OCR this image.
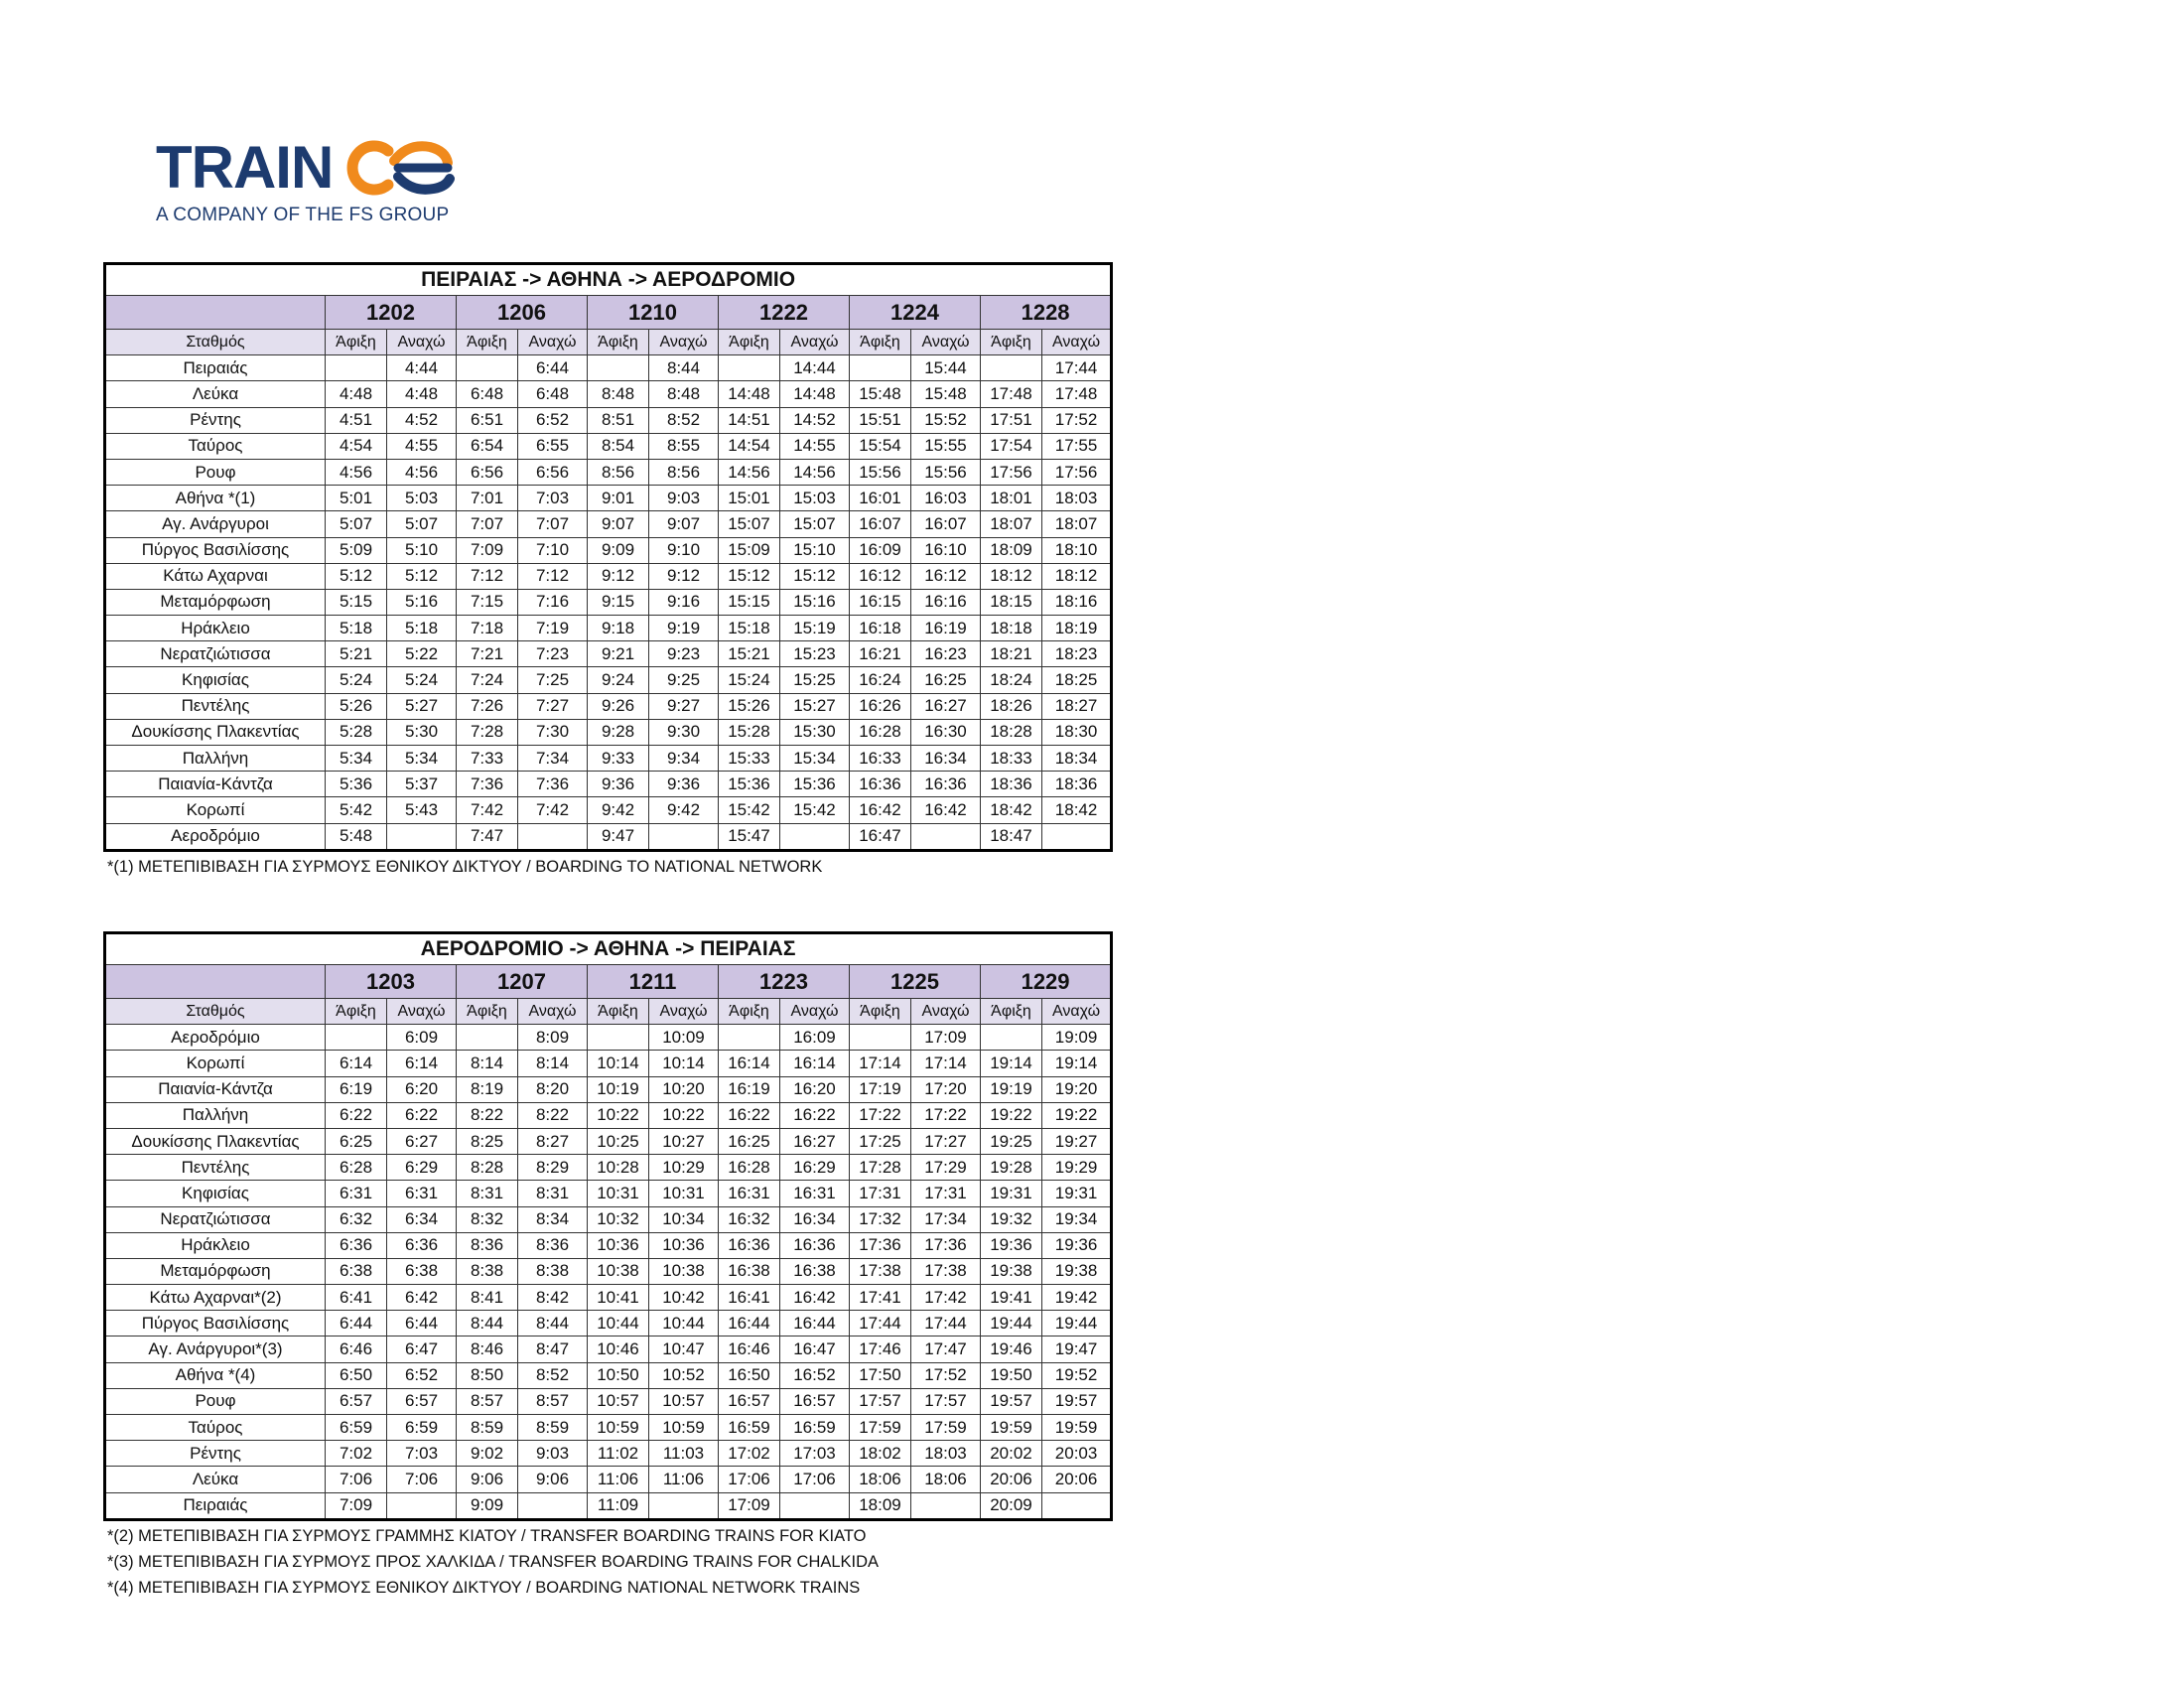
TRAIN
A COMPANY OF THE FS GROUP
ΠΕΙΡΑΙΑΣ -> ΑΘΗΝΑ -> ΑΕΡΟΔΡΟΜΙΟ												
	1202		1206		1210		1222		1224		1228	
Σταθμός	Άφιξη	Αναχώ	Άφιξη	Αναχώ	Άφιξη	Αναχώ	Άφιξη	Αναχώ	Άφιξη	Αναχώ	Άφιξη	Αναχώ
Πειραιάς		4:44		6:44		8:44		14:44		15:44		17:44
Λεύκα	4:48	4:48	6:48	6:48	8:48	8:48	14:48	14:48	15:48	15:48	17:48	17:48
Ρέντης	4:51	4:52	6:51	6:52	8:51	8:52	14:51	14:52	15:51	15:52	17:51	17:52
Ταύρος	4:54	4:55	6:54	6:55	8:54	8:55	14:54	14:55	15:54	15:55	17:54	17:55
Ρουφ	4:56	4:56	6:56	6:56	8:56	8:56	14:56	14:56	15:56	15:56	17:56	17:56
Αθήνα *(1)	5:01	5:03	7:01	7:03	9:01	9:03	15:01	15:03	16:01	16:03	18:01	18:03
Αγ. Ανάργυροι	5:07	5:07	7:07	7:07	9:07	9:07	15:07	15:07	16:07	16:07	18:07	18:07
Πύργος Βασιλίσσης	5:09	5:10	7:09	7:10	9:09	9:10	15:09	15:10	16:09	16:10	18:09	18:10
Κάτω Αχαρναι	5:12	5:12	7:12	7:12	9:12	9:12	15:12	15:12	16:12	16:12	18:12	18:12
Μεταμόρφωση	5:15	5:16	7:15	7:16	9:15	9:16	15:15	15:16	16:15	16:16	18:15	18:16
Ηράκλειο	5:18	5:18	7:18	7:19	9:18	9:19	15:18	15:19	16:18	16:19	18:18	18:19
Νερατζιώτισσα	5:21	5:22	7:21	7:23	9:21	9:23	15:21	15:23	16:21	16:23	18:21	18:23
Κηφισίας	5:24	5:24	7:24	7:25	9:24	9:25	15:24	15:25	16:24	16:25	18:24	18:25
Πεντέλης	5:26	5:27	7:26	7:27	9:26	9:27	15:26	15:27	16:26	16:27	18:26	18:27
Δουκίσσης Πλακεντίας	5:28	5:30	7:28	7:30	9:28	9:30	15:28	15:30	16:28	16:30	18:28	18:30
Παλλήνη	5:34	5:34	7:33	7:34	9:33	9:34	15:33	15:34	16:33	16:34	18:33	18:34
Παιανία-Κάντζα	5:36	5:37	7:36	7:36	9:36	9:36	15:36	15:36	16:36	16:36	18:36	18:36
Κορωπί	5:42	5:43	7:42	7:42	9:42	9:42	15:42	15:42	16:42	16:42	18:42	18:42
Αεροδρόμιο	5:48		7:47		9:47		15:47		16:47		18:47	
*(1) ΜΕΤΕΠΙΒΙΒΑΣΗ ΓΙΑ ΣΥΡΜΟΥΣ ΕΘΝΙΚΟΥ ΔΙΚΤΥΟΥ / BOARDING TO NATIONAL NETWORK
ΑΕΡΟΔΡΟΜΙΟ -> ΑΘΗΝΑ -> ΠΕΙΡΑΙΑΣ												
	1203		1207		1211		1223		1225		1229	
Σταθμός	Άφιξη	Αναχώ	Άφιξη	Αναχώ	Άφιξη	Αναχώ	Άφιξη	Αναχώ	Άφιξη	Αναχώ	Άφιξη	Αναχώ
Αεροδρόμιο		6:09		8:09		10:09		16:09		17:09		19:09
Κορωπί	6:14	6:14	8:14	8:14	10:14	10:14	16:14	16:14	17:14	17:14	19:14	19:14
Παιανία-Κάντζα	6:19	6:20	8:19	8:20	10:19	10:20	16:19	16:20	17:19	17:20	19:19	19:20
Παλλήνη	6:22	6:22	8:22	8:22	10:22	10:22	16:22	16:22	17:22	17:22	19:22	19:22
Δουκίσσης Πλακεντίας	6:25	6:27	8:25	8:27	10:25	10:27	16:25	16:27	17:25	17:27	19:25	19:27
Πεντέλης	6:28	6:29	8:28	8:29	10:28	10:29	16:28	16:29	17:28	17:29	19:28	19:29
Κηφισίας	6:31	6:31	8:31	8:31	10:31	10:31	16:31	16:31	17:31	17:31	19:31	19:31
Νερατζιώτισσα	6:32	6:34	8:32	8:34	10:32	10:34	16:32	16:34	17:32	17:34	19:32	19:34
Ηράκλειο	6:36	6:36	8:36	8:36	10:36	10:36	16:36	16:36	17:36	17:36	19:36	19:36
Μεταμόρφωση	6:38	6:38	8:38	8:38	10:38	10:38	16:38	16:38	17:38	17:38	19:38	19:38
Κάτω Αχαρναι*(2)	6:41	6:42	8:41	8:42	10:41	10:42	16:41	16:42	17:41	17:42	19:41	19:42
Πύργος Βασιλίσσης	6:44	6:44	8:44	8:44	10:44	10:44	16:44	16:44	17:44	17:44	19:44	19:44
Αγ. Ανάργυροι*(3)	6:46	6:47	8:46	8:47	10:46	10:47	16:46	16:47	17:46	17:47	19:46	19:47
Αθήνα *(4)	6:50	6:52	8:50	8:52	10:50	10:52	16:50	16:52	17:50	17:52	19:50	19:52
Ρουφ	6:57	6:57	8:57	8:57	10:57	10:57	16:57	16:57	17:57	17:57	19:57	19:57
Ταύρος	6:59	6:59	8:59	8:59	10:59	10:59	16:59	16:59	17:59	17:59	19:59	19:59
Ρέντης	7:02	7:03	9:02	9:03	11:02	11:03	17:02	17:03	18:02	18:03	20:02	20:03
Λεύκα	7:06	7:06	9:06	9:06	11:06	11:06	17:06	17:06	18:06	18:06	20:06	20:06
Πειραιάς	7:09		9:09		11:09		17:09		18:09		20:09	
*(2) ΜΕΤΕΠΙΒΙΒΑΣΗ ΓΙΑ ΣΥΡΜΟΥΣ ΓΡΑΜΜΗΣ ΚΙΑΤΟΥ / TRANSFER BOARDING TRAINS FOR KIATO
*(3) ΜΕΤΕΠΙΒΙΒΑΣΗ ΓΙΑ ΣΥΡΜΟΥΣ ΠΡΟΣ ΧΑΛΚΙΔΑ / TRANSFER BOARDING TRAINS FOR CHALKIDA
*(4) ΜΕΤΕΠΙΒΙΒΑΣΗ ΓΙΑ ΣΥΡΜΟΥΣ ΕΘΝΙΚΟΥ ΔΙΚΤΥΟΥ / BOARDING NATIONAL NETWORK TRAINS
